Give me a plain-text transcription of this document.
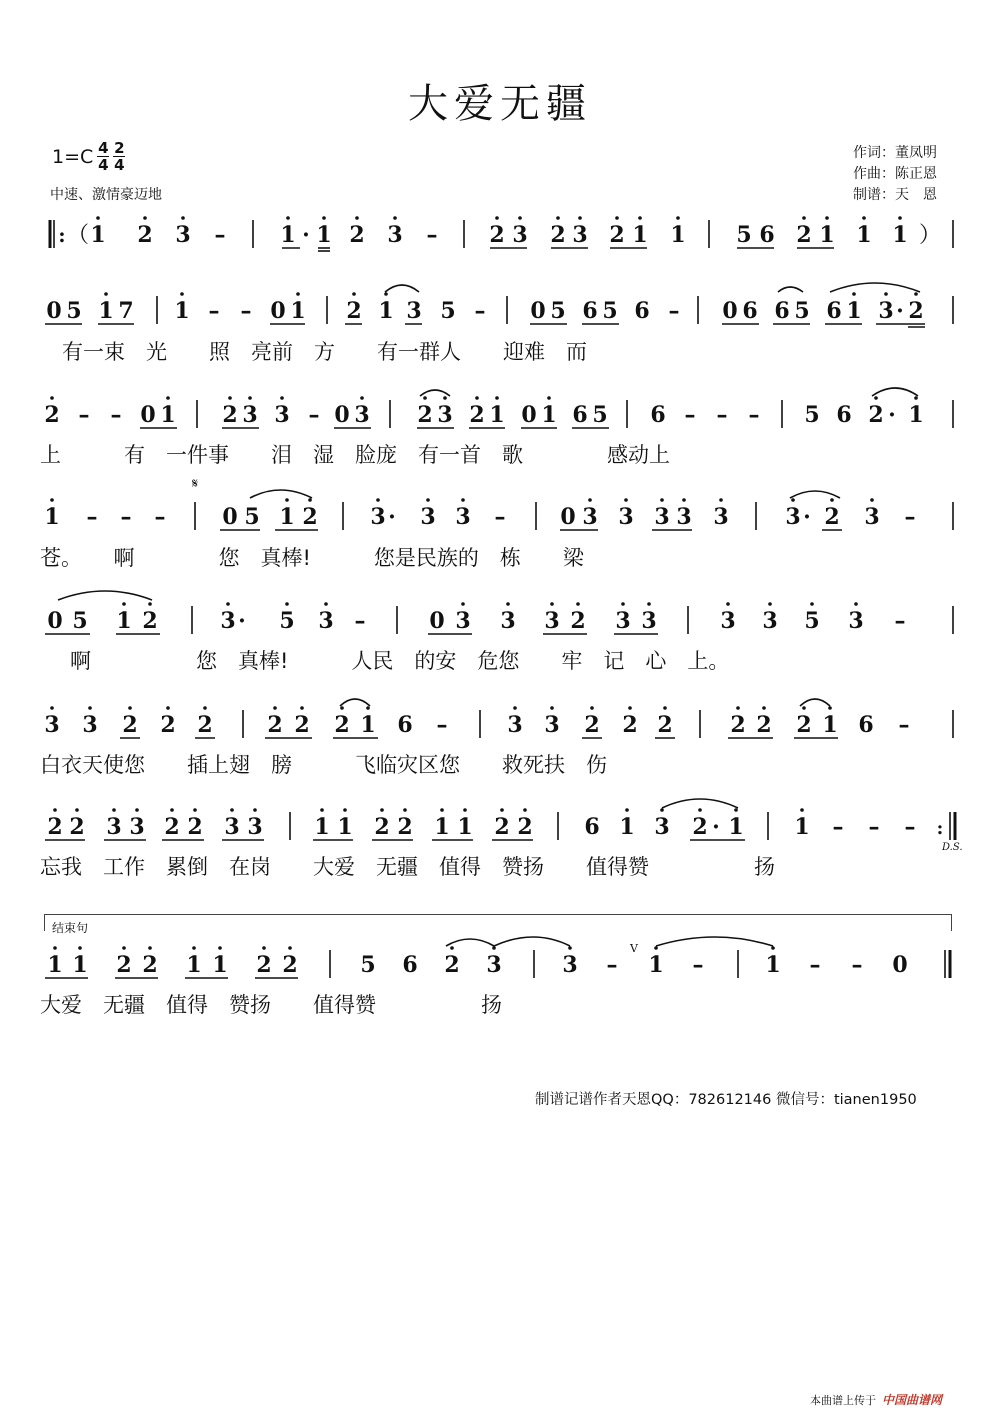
大爱无疆
$1=C \frac{4}{4} \frac{2}{4}$
中速、激情豪迈地
作词：董凤明
作曲：陈正恩
制谱：天　恩
: （ 1 2 3 – 1 · 1 2 3 – 2 3 2 3 2 1 1 5 6 2 1 1 1 ）
0 5 1 7 1 – – 0 1 2 1 3 5 – 0 5 6 5 6 – 0 6 6 5 6 1 3 · 2
有一束　光　　照　亮前　方　　有一群人　　迎难　而
2 – – 0 1 2 3 3 – 0 3 2 3 2 1 0 1 6 5 6 – – – 5 6 2 · 1
上　　　有　一件事　　泪　湿　脸庞　有一首　歌　　　　感动上
1 – – –
𝄋
0 5 1 2 3 · 3 3 – 0 3 3 3 3 3	3 · 2 3 –
苍。　　啊　　　　您　真棒!　　　您是民族的　栋　　梁
0 5 1 2	3 · 5 3 –	0 3 3 3 2 3 3	3 3 5 3 –
啊　　　　　您　真棒!　　　人民　的安　危您　　牢　记　心　上。
3 3 2 2 2 2 2 2 1 6 –	3 3 2 2 2	2 2 2 1 6 –
白衣天使您　　插上翅　膀　　　飞临灾区您　　救死扶　伤
2 2 3 3 2 2 3 3 1 1 2 2 1 1 2 2 6 1 3 2 · 1 1 – – – :
D.S.
忘我　工作　累倒　在岗　　大爱　无疆　值得　赞扬　　值得赞　　　　　扬
结束句
1 1 2 2 1 1 2 2	5 6 2 3	3 –
V
1 –	1 – – 0
大爱　无疆　值得　赞扬　　值得赞　　　　　扬
制谱记谱作者天恩QQ：782612146 微信号：tianen1950
本曲谱上传于 中国曲谱网
